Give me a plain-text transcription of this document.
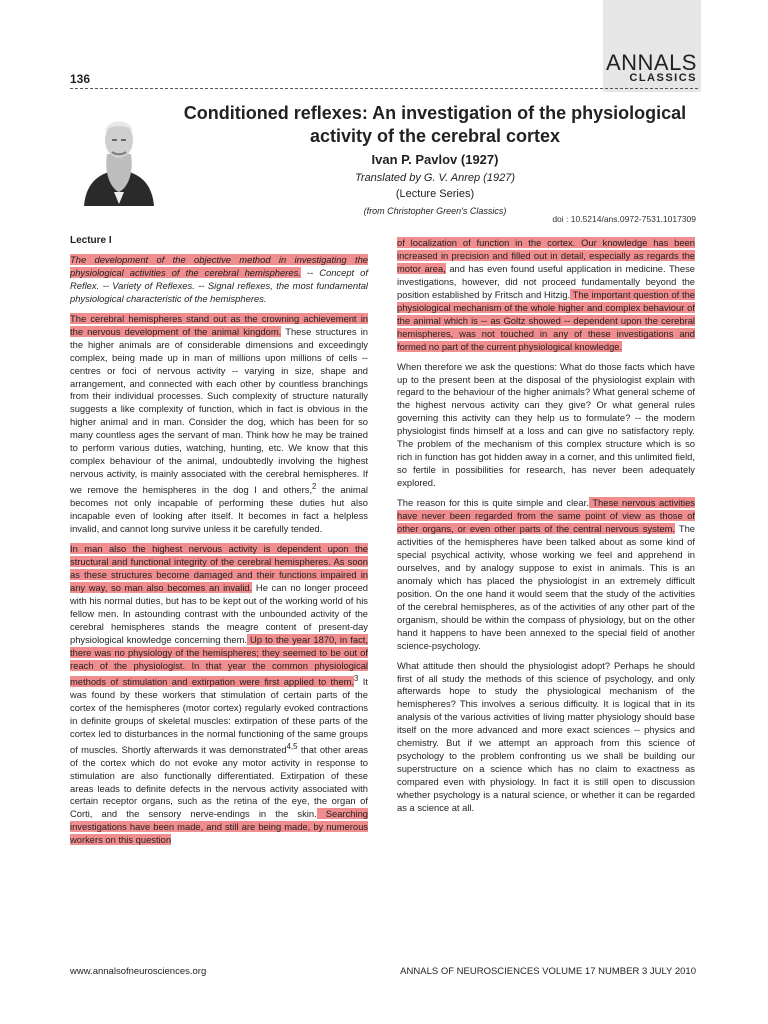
ANNALS
CLASSICS
136
Conditioned reflexes: An investigation of the physiological activity of the cerebral cortex
Ivan P. Pavlov (1927)
Translated by G. V. Anrep (1927)
(Lecture Series)
(from Christopher Green's Classics)
doi : 10.5214/ans.0972-7531.1017309

Lecture I

The development of the objective method in investigating the physiological activities of the cerebral hemispheres. -- Concept of Reflex. -- Variety of Reflexes. -- Signal reflexes, the most fundamental physiological characteristic of the hemispheres.

The cerebral hemispheres stand out as the crowning achievement in the nervous development of the animal kingdom. These structures in the higher animals are of considerable dimensions and exceedingly complex, being made up in man of millions upon millions of cells -- centres or foci of nervous activity -- varying in size, shape and arrangement, and connected with each other by countless branchings from their individual processes. Such complexity of structure naturally suggests a like complexity of function, which in fact is obvious in the higher animal and in man. Consider the dog, which has been for so many countless ages the servant of man. Think how he may be trained to perform various duties, watching, hunting, etc. We know that this complex behaviour of the animal, undoubtedly involving the highest nervous activity, is mainly associated with the cerebral hemispheres. If we remove the hemispheres in the dog I and others,$^2$ the animal becomes not only incapable of performing these duties hut also incapable even of looking after itself. It becomes in fact a helpless invalid, and cannot long survive unless it be carefully tended.

In man also the highest nervous activity is dependent upon the structural and functional integrity of the cerebral hemispheres. As soon as these structures become damaged and their functions impaired in any way, so man also becomes an invalid. He can no longer proceed with his normal duties, but has to be kept out of the working world of his fellow men. In astounding contrast with the unbounded activity of the cerebral hemispheres stands the meagre content of present-day physiological knowledge concerning them. Up to the year 1870, in fact, there was no physiology of the hemispheres; they seemed to be out of reach of the physiologist. In that year the common physiological methods of stimulation and extirpation were first applied to them.$^3$ It was found by these workers that stimulation of certain parts of the cortex of the hemispheres (motor cortex) regularly evoked contractions in definite groups of skeletal muscles: extirpation of these parts of the cortex led to disturbances in the normal functioning of the same groups of muscles. Shortly afterwards it was demonstrated$^{4,5}$ that other areas of the cortex which do not evoke any motor activity in response to stimulation are also functionally differentiated. Extirpation of these areas leads to definite defects in the nervous activity associated with certain receptor organs, such as the retina of the eye, the organ of Corti, and the sensory nerve-endings in the skin. Searching investigations have been made, and still are being made, by numerous workers on this question

of localization of function in the cortex. Our knowledge has been increased in precision and filled out in detail, especially as regards the motor area, and has even found useful application in medicine. These investigations, however, did not proceed fundamentally beyond the position established by Fritsch and Hitzig. The important question of the physiological mechanism of the whole higher and complex behaviour of the animal which is -- as Goltz showed -- dependent upon the cerebral hemispheres, was not touched in any of these investigations and formed no part of the current physiological knowledge.

When therefore we ask the questions: What do those facts which have up to the present been at the disposal of the physiologist explain with regard to the behaviour of the higher animals? What general scheme of the highest nervous activity can they give? Or what general rules governing this activity can they help us to formulate? -- the modern physiologist finds himself at a loss and can give no satisfactory reply. The problem of the mechanism of this complex structure which is so rich in function has got hidden away in a corner, and this unlimited field, so fertile in possibilities for research, has never been adequately explored.

The reason for this is quite simple and clear. These nervous activities have never been regarded from the same point of view as those of other organs, or even other parts of the central nervous system. The activities of the hemispheres have been talked about as some kind of special psychical activity, whose working we feel and apprehend in ourselves, and by analogy suppose to exist in animals. This is an anomaly which has placed the physiologist in an extremely difficult position. On the one hand it would seem that the study of the activities of the cerebral hemispheres, as of the activities of any other part of the organism, should be within the compass of physiology, but on the other hand it happens to have been annexed to the special field of another science-psychology.

What attitude then should the physiologist adopt? Perhaps he should first of all study the methods of this science of psychology, and only afterwards hope to study the physiological mechanism of the hemispheres? This involves a serious difficulty. It is logical that in its analysis of the various activities of living matter physiology should base itself on the more advanced and more exact sciences -- physics and chemistry. But if we attempt an approach from this science of psychology to the problem confronting us we shall be building our superstructure on a science which has no claim to exactness as compared even with physiology. In fact it is still open to discussion whether psychology is a natural science, or whether it can be regarded as a science at all.

www.annalsofneurosciences.org	ANNALS OF NEUROSCIENCES VOLUME 17 NUMBER 3 JULY 2010
